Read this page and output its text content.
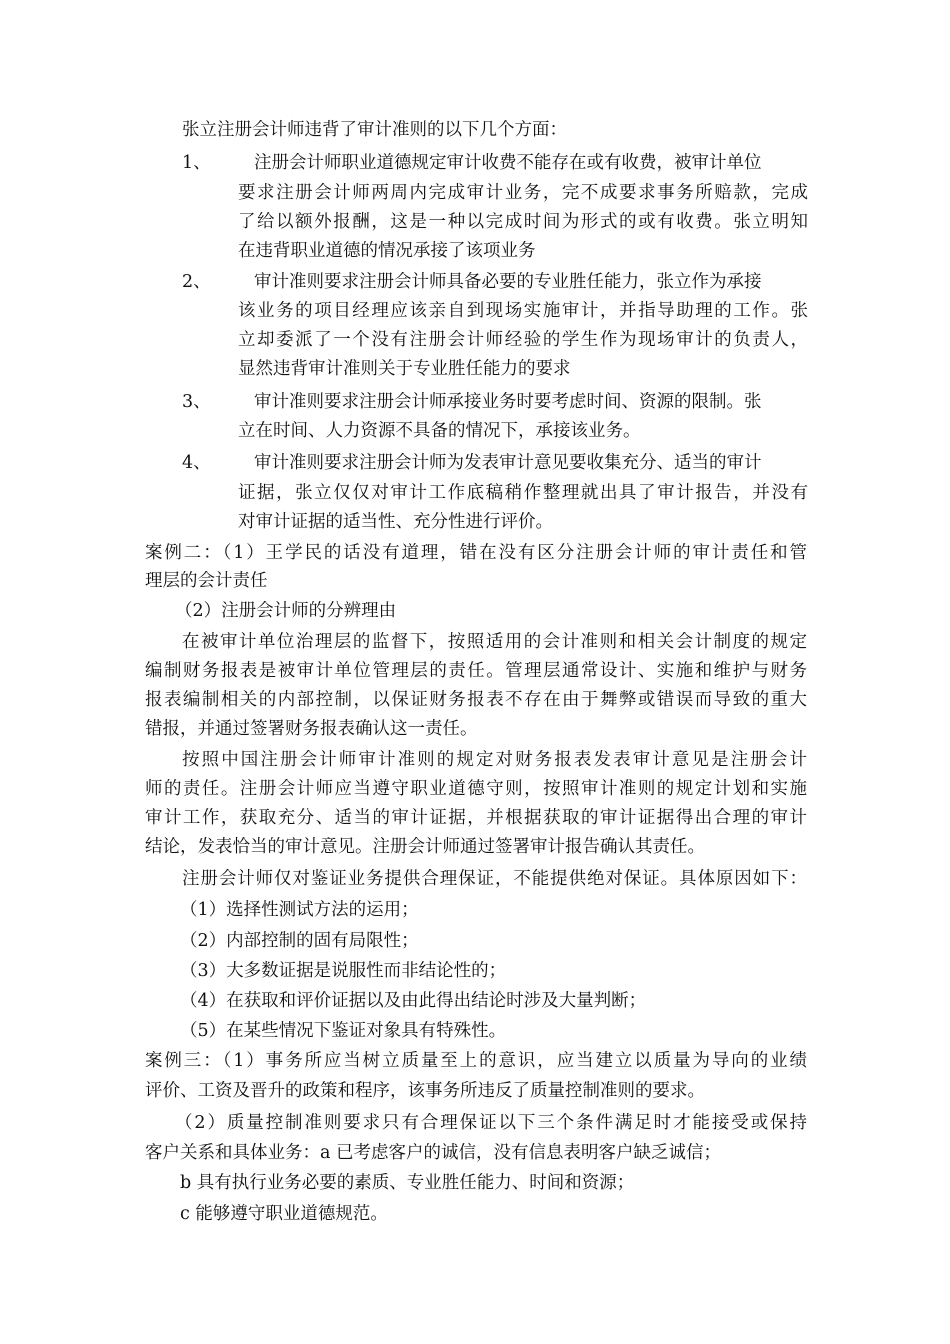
张立注册会计师违背了审计准则的以下几个方面：
1、 注册会计师职业道德规定审计收费不能存在或有收费，被审计单位
要求注册会计师两周内完成审计业务，完不成要求事务所赔款，完成
了给以额外报酬，这是一种以完成时间为形式的或有收费。张立明知
在违背职业道德的情况承接了该项业务
2、 审计准则要求注册会计师具备必要的专业胜任能力，张立作为承接
该业务的项目经理应该亲自到现场实施审计，并指导助理的工作。张
立却委派了一个没有注册会计师经验的学生作为现场审计的负责人，
显然违背审计准则关于专业胜任能力的要求
3、 审计准则要求注册会计师承接业务时要考虑时间、资源的限制。张
立在时间、人力资源不具备的情况下，承接该业务。
4、 审计准则要求注册会计师为发表审计意见要收集充分、适当的审计
证据，张立仅仅对审计工作底稿稍作整理就出具了审计报告，并没有
对审计证据的适当性、充分性进行评价。
案例二：（1）王学民的话没有道理，错在没有区分注册会计师的审计责任和管
理层的会计责任
（2）注册会计师的分辨理由
在被审计单位治理层的监督下，按照适用的会计准则和相关会计制度的规定
编制财务报表是被审计单位管理层的责任。管理层通常设计、实施和维护与财务
报表编制相关的内部控制，以保证财务报表不存在由于舞弊或错误而导致的重大
错报，并通过签署财务报表确认这一责任。
按照中国注册会计师审计准则的规定对财务报表发表审计意见是注册会计
师的责任。注册会计师应当遵守职业道德守则，按照审计准则的规定计划和实施
审计工作，获取充分、适当的审计证据，并根据获取的审计证据得出合理的审计
结论，发表恰当的审计意见。注册会计师通过签署审计报告确认其责任。
注册会计师仅对鉴证业务提供合理保证，不能提供绝对保证。具体原因如下：
（1）选择性测试方法的运用；
（2）内部控制的固有局限性；
（3）大多数证据是说服性而非结论性的；
（4）在获取和评价证据以及由此得出结论时涉及大量判断；
（5）在某些情况下鉴证对象具有特殊性。
案例三：（1）事务所应当树立质量至上的意识，应当建立以质量为导向的业绩
评价、工资及晋升的政策和程序，该事务所违反了质量控制准则的要求。
（2）质量控制准则要求只有合理保证以下三个条件满足时才能接受或保持
客户关系和具体业务：a 已考虑客户的诚信，没有信息表明客户缺乏诚信；
b 具有执行业务必要的素质、专业胜任能力、时间和资源；
c 能够遵守职业道德规范。
